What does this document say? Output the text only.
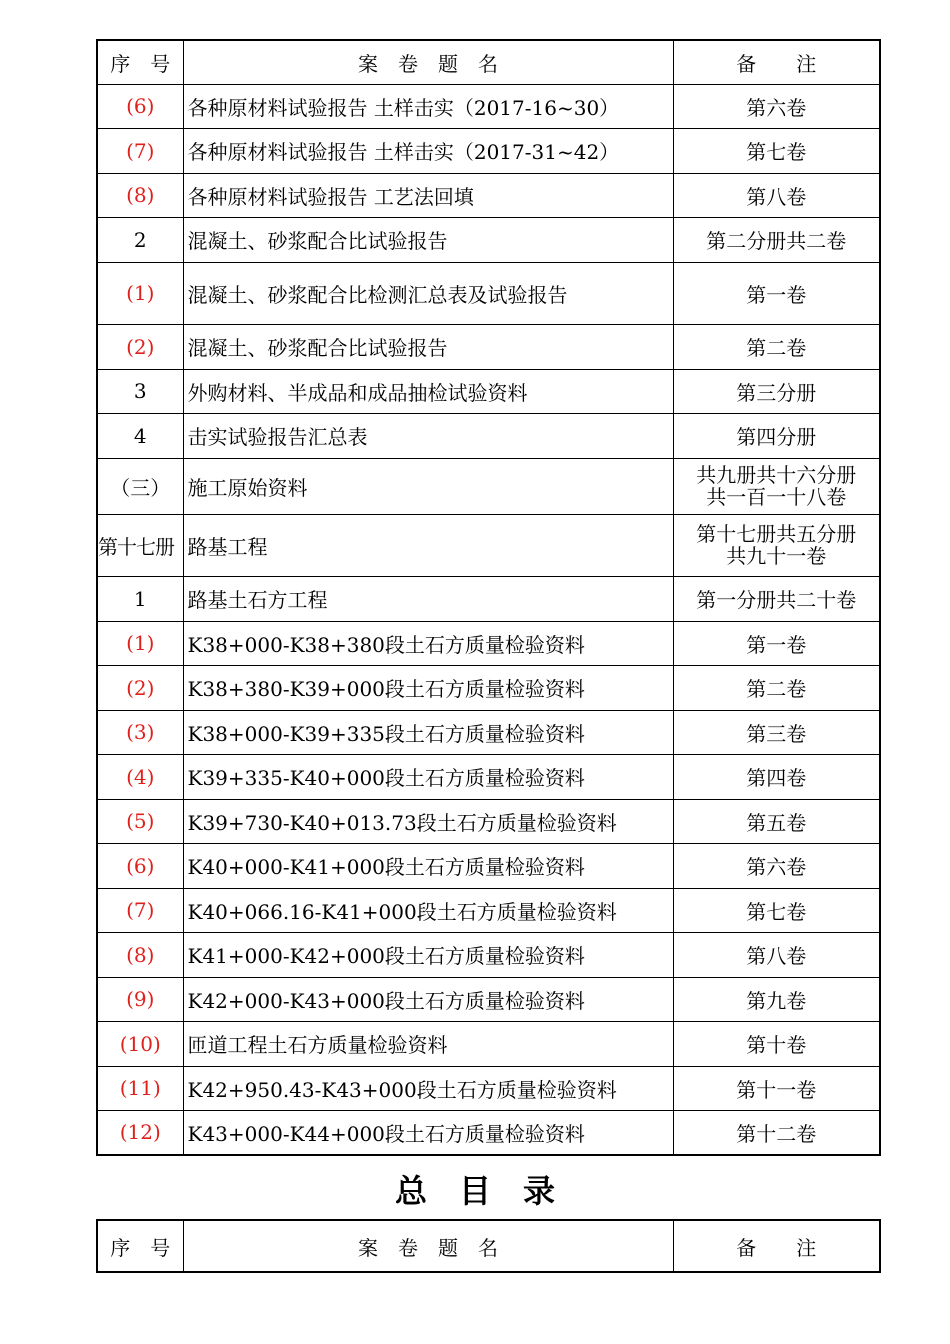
序　号	案　卷　题　名	备　　注
(6)	各种原材料试验报告 土样击实（2017-16~30）	第六卷
(7)	各种原材料试验报告 土样击实（2017-31~42）	第七卷
(8)	各种原材料试验报告 工艺法回填	第八卷
2	混凝土、砂浆配合比试验报告	第二分册共二卷
(1)	混凝土、砂浆配合比检测汇总表及试验报告	第一卷
(2)	混凝土、砂浆配合比试验报告	第二卷
3	外购材料、半成品和成品抽检试验资料	第三分册
4	击实试验报告汇总表	第四分册
（三）	施工原始资料	共九册共十六分册
共一百一十八卷

第十七册	路基工程	第十七册共五分册
共九十一卷

1	路基土石方工程	第一分册共二十卷
(1)	K38+000-K38+380段土石方质量检验资料	第一卷
(2)	K38+380-K39+000段土石方质量检验资料	第二卷
(3)	K38+000-K39+335段土石方质量检验资料	第三卷
(4)	K39+335-K40+000段土石方质量检验资料	第四卷
(5)	K39+730-K40+013.73段土石方质量检验资料	第五卷
(6)	K40+000-K41+000段土石方质量检验资料	第六卷
(7)	K40+066.16-K41+000段土石方质量检验资料	第七卷
(8)	K41+000-K42+000段土石方质量检验资料	第八卷
(9)	K42+000-K43+000段土石方质量检验资料	第九卷
(10)	匝道工程土石方质量检验资料	第十卷
(11)	K42+950.43-K43+000段土石方质量检验资料	第十一卷
(12)	K43+000-K44+000段土石方质量检验资料	第十二卷
总　目　录
序　号	案　卷　题　名	备　　注
